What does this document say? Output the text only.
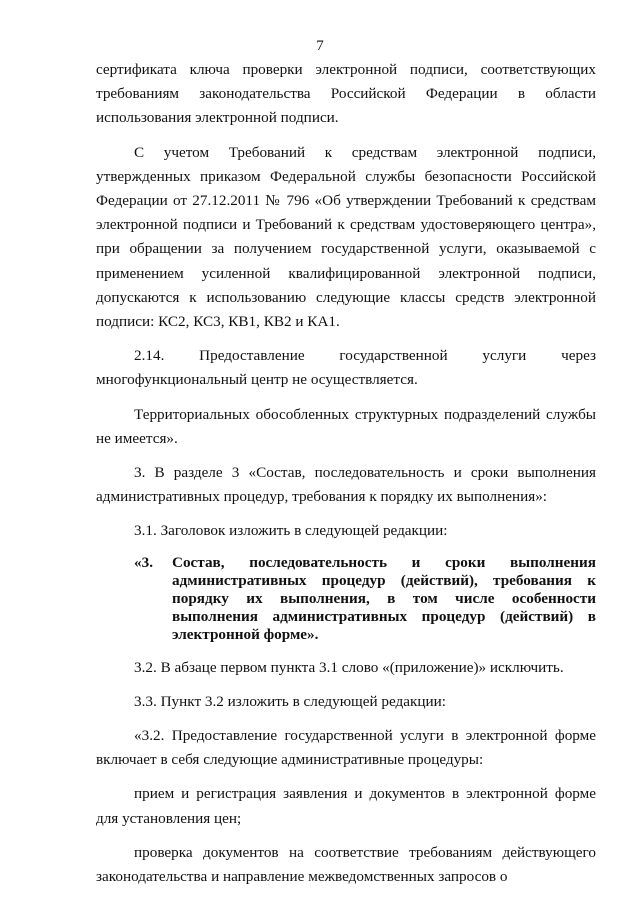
7

сертификата ключа проверки электронной подписи, соответствующих требованиям законодательства Российской Федерации в области использования электронной подписи.

С учетом Требований к средствам электронной подписи, утвержденных приказом Федеральной службы безопасности Российской Федерации от 27.12.2011 № 796 «Об утверждении Требований к средствам электронной подписи и Требований к средствам удостоверяющего центра», при обращении за получением государственной услуги, оказываемой с применением усиленной квалифицированной электронной подписи, допускаются к использованию следующие классы средств электронной подписи: КС2, КС3, КВ1, КВ2 и КА1.

2.14. Предоставление государственной услуги через многофункциональный центр не осуществляется.

Территориальных обособленных структурных подразделений службы не имеется».

3. В разделе 3 «Состав, последовательность и сроки выполнения административных процедур, требования к порядку их выполнения»:

3.1. Заголовок изложить в следующей редакции:

«3. Состав, последовательность и сроки выполнения административных процедур (действий), требования к порядку их выполнения, в том числе особенности выполнения административных процедур (действий) в электронной форме».

3.2. В абзаце первом пункта 3.1 слово «(приложение)» исключить.

3.3. Пункт 3.2 изложить в следующей редакции:

«3.2. Предоставление государственной услуги в электронной форме включает в себя следующие административные процедуры:

прием и регистрация заявления и документов в электронной форме для установления цен;

проверка документов на соответствие требованиям действующего законодательства и направление межведомственных запросов о
